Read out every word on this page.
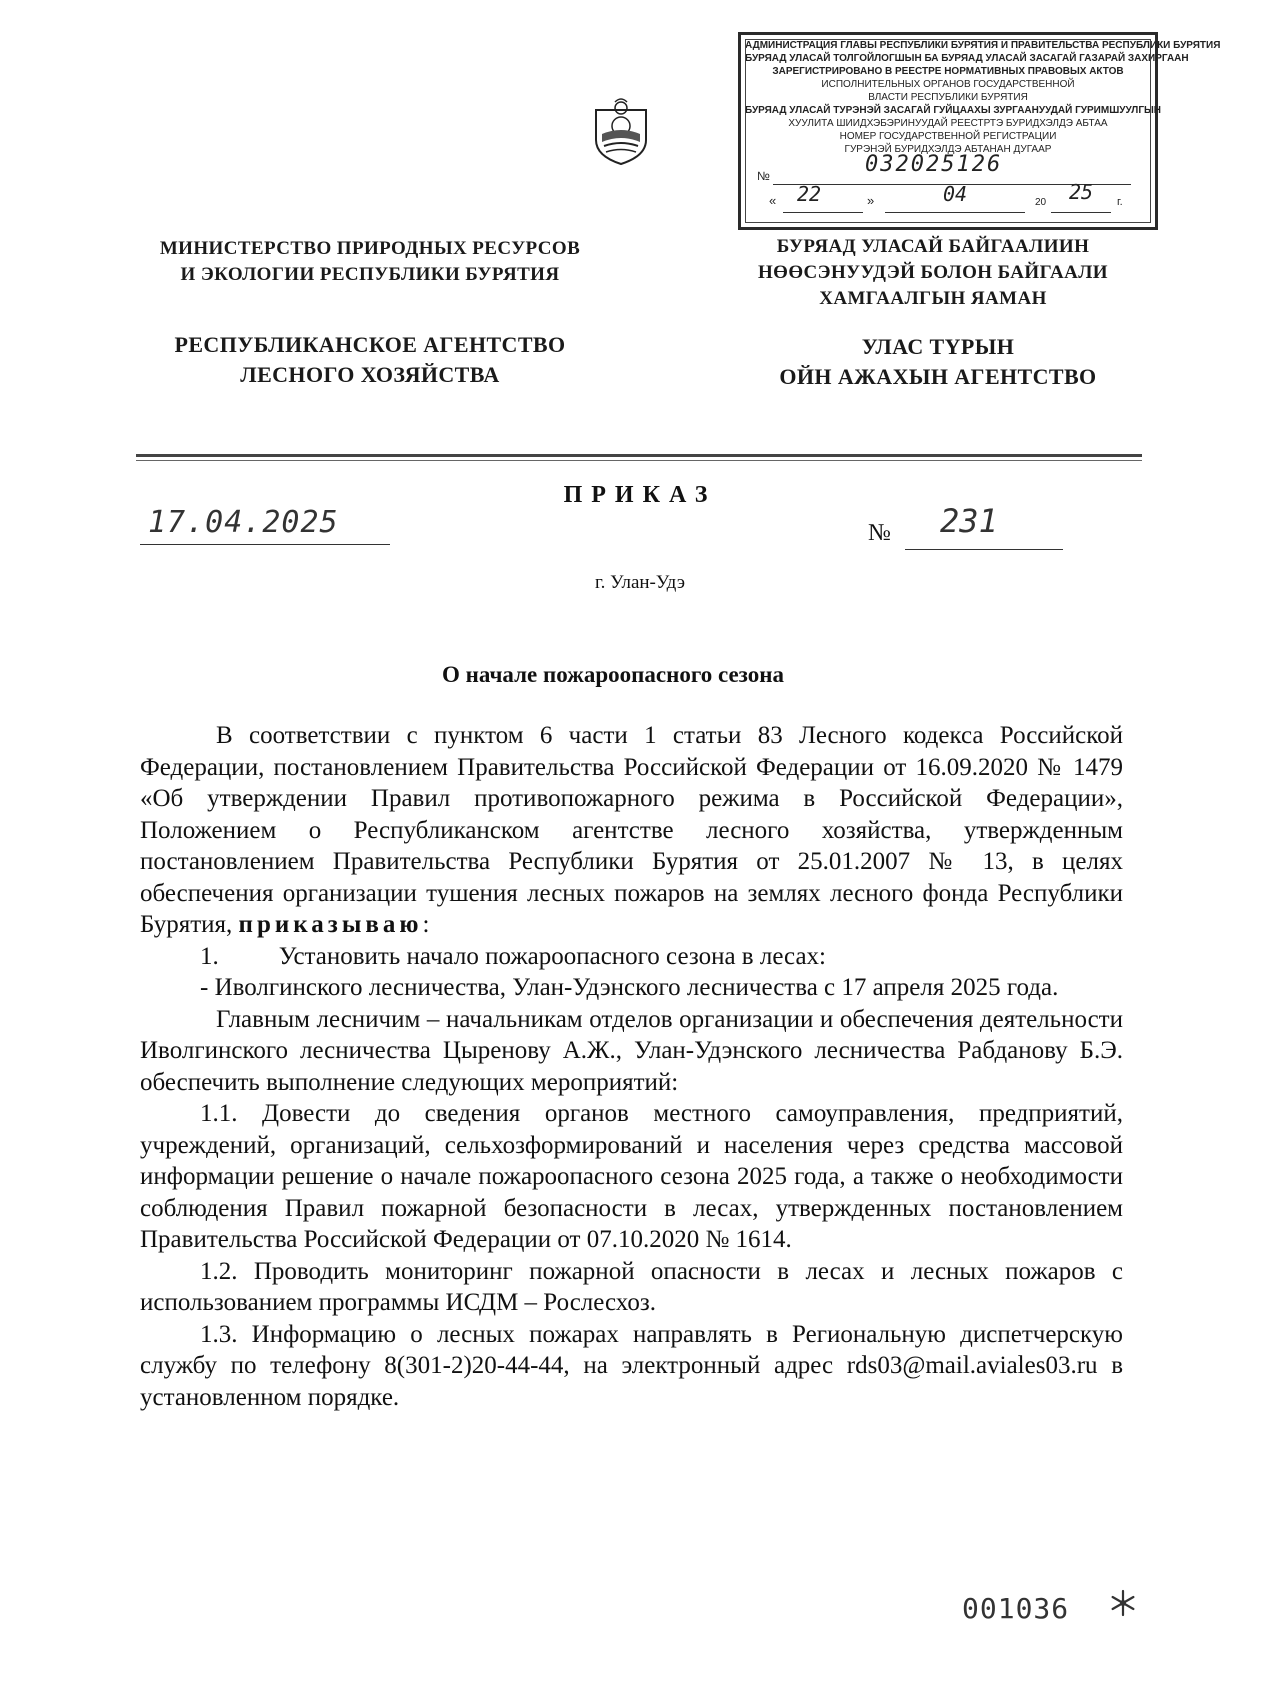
АДМИНИСТРАЦИЯ ГЛАВЫ РЕСПУБЛИКИ БУРЯТИЯ И ПРАВИТЕЛЬСТВА РЕСПУБЛИКИ БУРЯТИЯ
БУРЯАД УЛАСАЙ ТОЛГОЙЛОГШЫН БА БУРЯАД УЛАСАЙ ЗАСАГАЙ ГАЗАРАЙ ЗАХИРГААН
ЗАРЕГИСТРИРОВАНО В РЕЕСТРЕ НОРМАТИВНЫХ ПРАВОВЫХ АКТОВ
ИСПОЛНИТЕЛЬНЫХ ОРГАНОВ ГОСУДАРСТВЕННОЙ
ВЛАСТИ РЕСПУБЛИКИ БУРЯТИЯ
БУРЯАД УЛАСАЙ ТУРЭНЭЙ ЗАСАГАЙ ГУЙЦААХЫ ЗУРГААНУУДАЙ ГУРИМШУУЛГЫН
ХУУЛИТА ШИИДХЭБЭРИНУУДАЙ РЕЕСТРТЭ БУРИДХЭЛДЭ АБТАА
НОМЕР ГОСУДАРСТВЕННОЙ РЕГИСТРАЦИИ
ГУРЭНЭЙ БУРИДХЭЛДЭ АБТАНАН ДУГААР
№	032025126
« 22	»	04	20 25 г.
МИНИСТЕРСТВО ПРИРОДНЫХ РЕСУРСОВ
И ЭКОЛОГИИ РЕСПУБЛИКИ БУРЯТИЯ
БУРЯАД УЛАСАЙ БАЙГААЛИИН
НӨӨСЭНУУДЭЙ БОЛОН БАЙГААЛИ
ХАМГААЛГЫН ЯАМАН
РЕСПУБЛИКАНСКОЕ АГЕНТСТВО
ЛЕСНОГО ХОЗЯЙСТВА
УЛАС ТҮРЫН
ОЙН АЖАХЫН АГЕНТСТВО
ПРИКАЗ
17.04.2025	№ 231
г. Улан-Удэ
О начале пожароопасного сезона

В соответствии с пунктом 6 части 1 статьи 83 Лесного кодекса Российской Федерации, постановлением Правительства Российской Федерации от 16.09.2020 № 1479 «Об утверждении Правил противопожарного режима в Российской Федерации», Положением о Республиканском агентстве лесного хозяйства, утвержденным постановлением Правительства Республики Бурятия от 25.01.2007 № 13, в целях обеспечения организации тушения лесных пожаров на землях лесного фонда Республики Бурятия, приказываю:

1. Установить начало пожароопасного сезона в лесах:

- Иволгинского лесничества, Улан-Удэнского лесничества с 17 апреля 2025 года.

Главным лесничим – начальникам отделов организации и обеспечения деятельности Иволгинского лесничества Цыренову А.Ж., Улан-Удэнского лесничества Рабданову Б.Э. обеспечить выполнение следующих мероприятий:

1.1. Довести до сведения органов местного самоуправления, предприятий, учреждений, организаций, сельхозформирований и населения через средства массовой информации решение о начале пожароопасного сезона 2025 года, а также о необходимости соблюдения Правил пожарной безопасности в лесах, утвержденных постановлением Правительства Российской Федерации от 07.10.2020 № 1614.

1.2. Проводить мониторинг пожарной опасности в лесах и лесных пожаров с использованием программы ИСДМ – Рослесхоз.

1.3. Информацию о лесных пожарах направлять в Региональную диспетчерскую службу по телефону 8(301-2)20-44-44, на электронный адрес rds03@mail.aviales03.ru в установленном порядке.

001036
